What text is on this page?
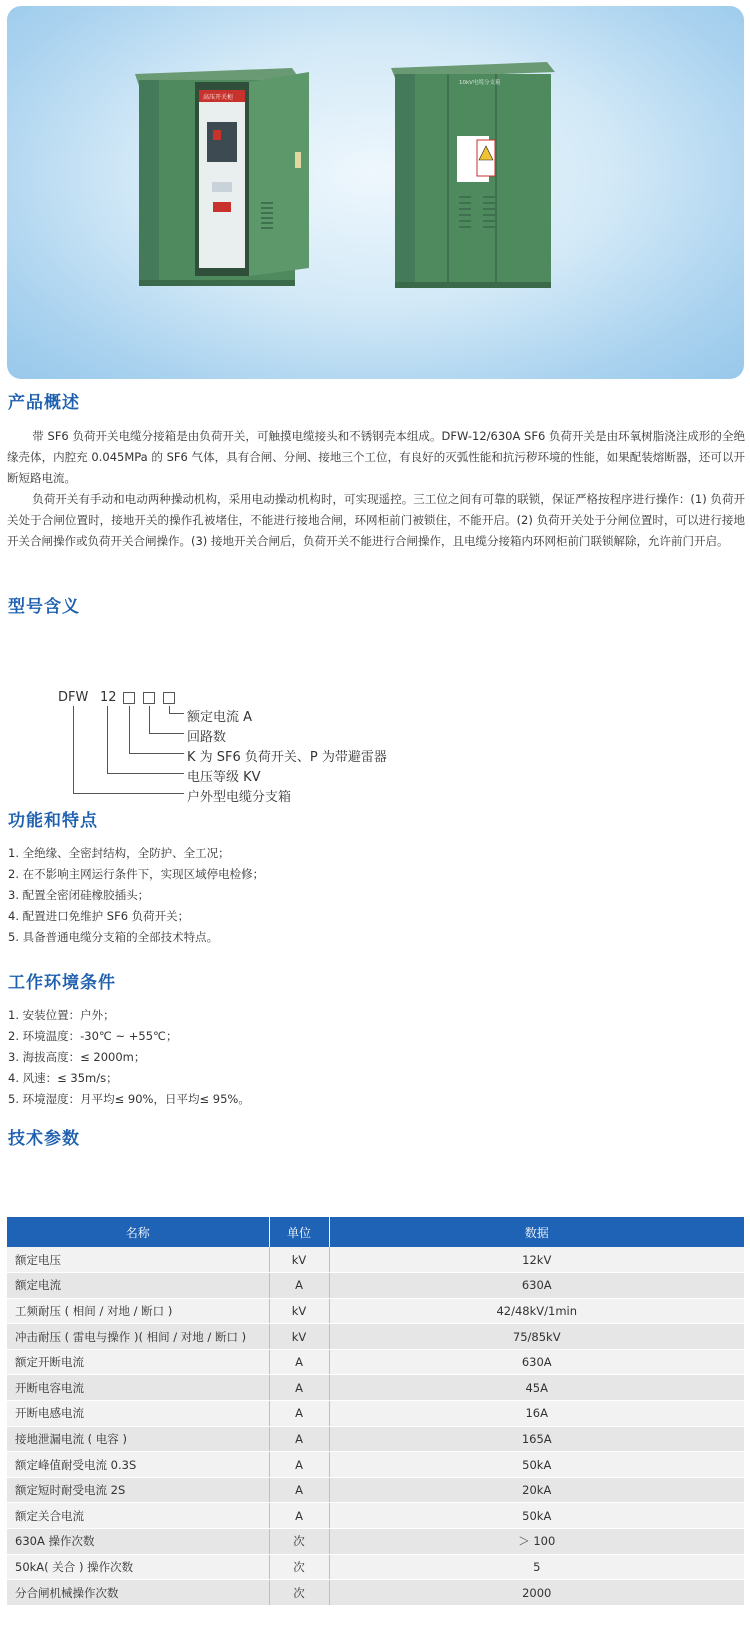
高压开关柜
10kV电缆分支箱
产品概述

带 SF6 负荷开关电缆分接箱是由负荷开关，可触摸电缆接头和不锈钢壳本组成。DFW-12/630A SF6 负荷开关是由环氧树脂浇注成形的全绝缘壳体，内腔充 0.045MPa 的 SF6 气体，具有合闸、分闸、接地三个工位，有良好的灭弧性能和抗污秽环境的性能，如果配装熔断器，还可以开断短路电流。

负荷开关有手动和电动两种操动机构，采用电动操动机构时，可实现遥控。三工位之间有可靠的联锁，保证严格按程序进行操作：(1) 负荷开关处于合闸位置时，接地开关的操作孔被堵住，不能进行接地合闸，环网柜前门被锁住，不能开启。(2) 负荷开关处于分闸位置时，可以进行接地开关合闸操作或负荷开关合闸操作。(3) 接地开关合闸后，负荷开关不能进行合闸操作，且电缆分接箱内环网柜前门联锁解除，允许前门开启。

型号含义
DFW 12
额定电流 A
回路数
K 为 SF6 负荷开关、P 为带避雷器
电压等级 KV
户外型电缆分支箱
功能和特点
1. 全绝缘、全密封结构，全防护、全工况；
2. 在不影响主网运行条件下，实现区域停电检修；
3. 配置全密闭硅橡胶插头；
4. 配置进口免维护 SF6 负荷开关；
5. 具备普通电缆分支箱的全部技术特点。
工作环境条件
1. 安装位置：户外；
2. 环境温度：-30℃ ~ +55℃；
3. 海拔高度：≤ 2000m；
4. 风速：≤ 35m/s；
5. 环境湿度：月平均≤ 90%，日平均≤ 95%。
技术参数
名称	单位	数据
额定电压	kV	12kV
额定电流	A	630A
工频耐压 ( 相间 / 对地 / 断口 )	kV	42/48kV/1min
冲击耐压 ( 雷电与操作 )( 相间 / 对地 / 断口 )	kV	75/85kV
额定开断电流	A	630A
开断电容电流	A	45A
开断电感电流	A	16A
接地泄漏电流 ( 电容 )	A	165A
额定峰值耐受电流 0.3S	A	50kA
额定短时耐受电流 2S	A	20kA
额定关合电流	A	50kA
630A 操作次数	次	＞ 100
50kA( 关合 ) 操作次数	次	5
分合闸机械操作次数	次	2000
